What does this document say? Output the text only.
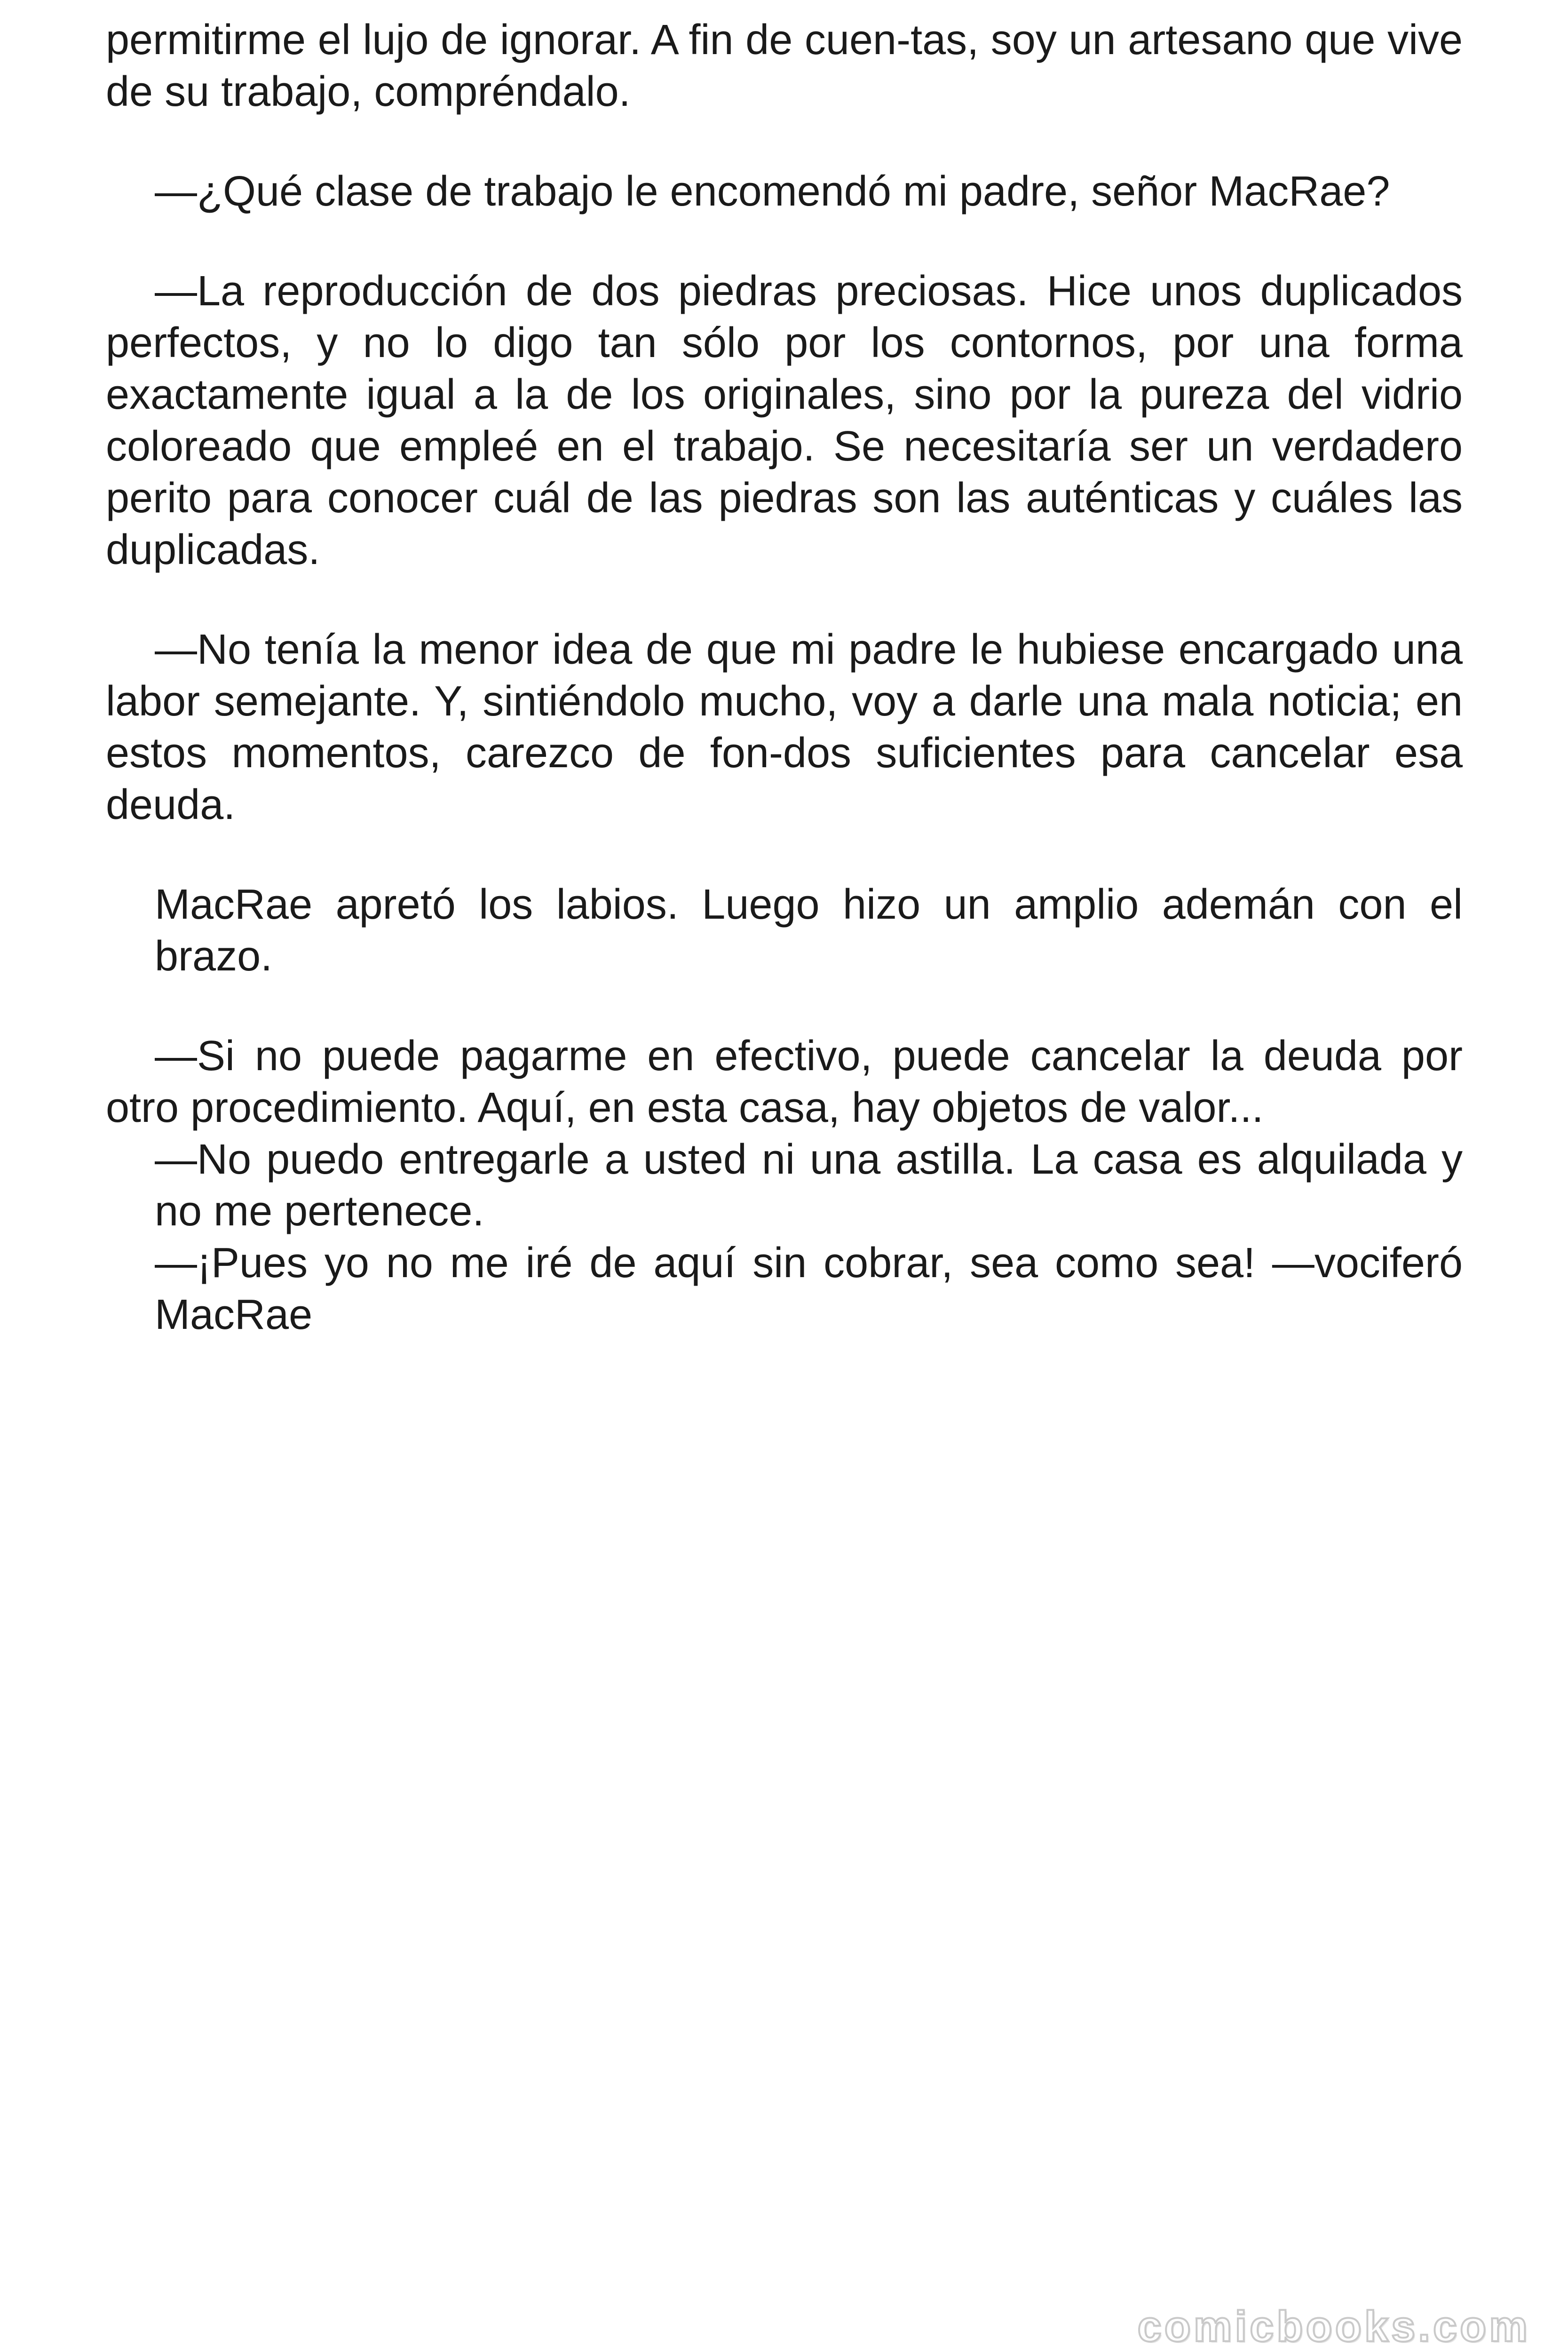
permitirme el lujo de ignorar. A fin de cuen-tas, soy un artesano que vive de su trabajo, compréndalo.

—¿Qué clase de trabajo le encomendó mi padre, señor MacRae?

—La reproducción de dos piedras preciosas. Hice unos duplicados perfectos, y no lo digo tan sólo por los contornos, por una forma exactamente igual a la de los originales, sino por la pureza del vidrio coloreado que empleé en el trabajo. Se necesitaría ser un verdadero perito para conocer cuál de las piedras son las auténticas y cuáles las duplicadas.

—No tenía la menor idea de que mi padre le hubiese encargado una labor semejante. Y, sintiéndolo mucho, voy a darle una mala noticia; en estos momentos, carezco de fon-dos suficientes para cancelar esa deuda.

MacRae apretó los labios. Luego hizo un amplio ademán con el brazo.

—Si no puede pagarme en efectivo, puede cancelar la deuda por otro procedimiento. Aquí, en esta casa, hay objetos de valor...

—No puedo entregarle a usted ni una astilla. La casa es alquilada y no me pertenece.

—¡Pues yo no me iré de aquí sin cobrar, sea como sea! —vociferó MacRae

comicbooks.com
